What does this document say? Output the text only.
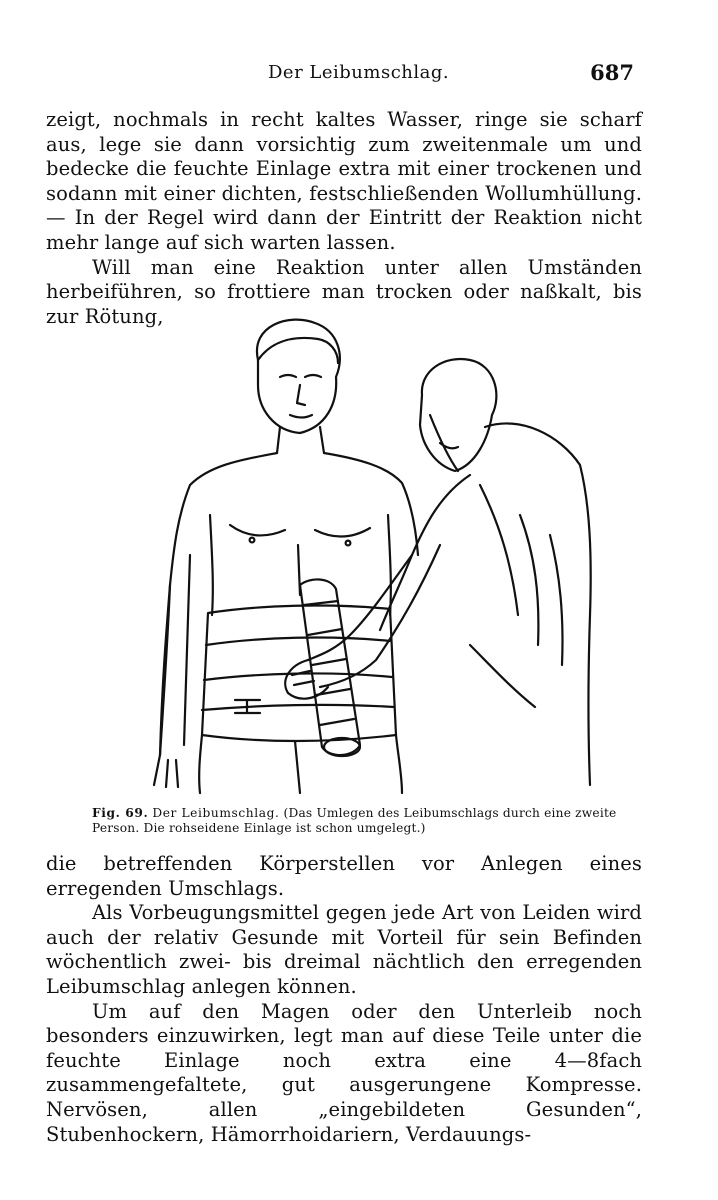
Der Leibumschlag.	687

zeigt, nochmals in recht kaltes Wasser, ringe sie scharf aus, lege sie dann vorsichtig zum zweitenmale um und bedecke die feuchte Einlage extra mit einer trockenen und sodann mit einer dichten, festschließenden Wollumhüllung. — In der Regel wird dann der Eintritt der Reaktion nicht mehr lange auf sich warten lassen.

Will man eine Reaktion unter allen Umständen herbeiführen, so frottiere man trocken oder naßkalt, bis zur Rötung,

Fig. 69. Der Leibumschlag. (Das Umlegen des Leibumschlags durch eine zweite Person. Die rohseidene Einlage ist schon umgelegt.)

die betreffenden Körperstellen vor Anlegen eines erregenden Umschlags.

Als Vorbeugungsmittel gegen jede Art von Leiden wird auch der relativ Gesunde mit Vorteil für sein Befinden wöchentlich zwei- bis dreimal nächtlich den erregenden Leibumschlag anlegen können.

Um auf den Magen oder den Unterleib noch besonders einzuwirken, legt man auf diese Teile unter die feuchte Einlage noch extra eine 4—8fach zusammengefaltete, gut ausgerungene Kompresse. Nervösen, allen „eingebildeten Gesunden“, Stubenhockern, Hämorrhoidariern, Verdauungs-
